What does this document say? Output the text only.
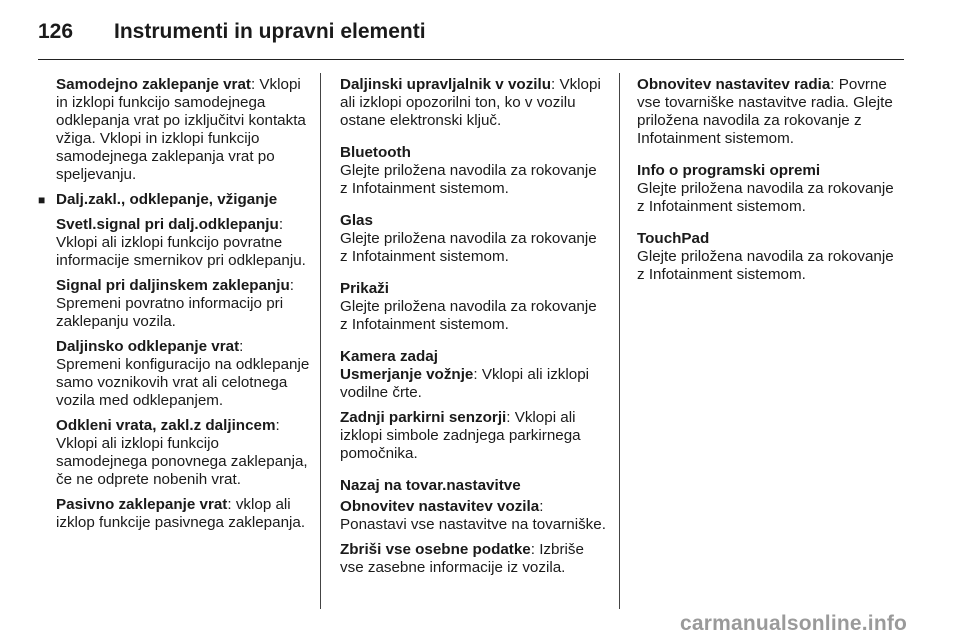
126	Instrumenti in upravni elementi

Samodejno zaklepanje vrat: Vklopi in izklopi funkcijo samodejnega odklepanja vrat po izključitvi kontakta vžiga. Vklopi in izklopi funkcijo samodejnega zaklepanja vrat po speljevanju.

■ Dalj.zakl., odklepanje, vžiganje

Svetl.signal pri dalj.odklepanju: Vklopi ali izklopi funkcijo povratne informacije smernikov pri odklepanju.

Signal pri daljinskem zaklepanju: Spremeni povratno informacijo pri zaklepanju vozila.

Daljinsko odklepanje vrat: Spremeni konfiguracijo na odklepanje samo voznikovih vrat ali celotnega vozila med odklepanjem.

Odkleni vrata, zakl.z daljincem: Vklopi ali izklopi funkcijo samodejnega ponovnega zaklepanja, če ne odprete nobenih vrat.

Pasivno zaklepanje vrat: vklop ali izklop funkcije pasivnega zaklepanja.

Daljinski upravljalnik v vozilu: Vklopi ali izklopi opozorilni ton, ko v vozilu ostane elektronski ključ.

Bluetooth

Glejte priložena navodila za rokovanje z Infotainment sistemom.

Glas

Glejte priložena navodila za rokovanje z Infotainment sistemom.

Prikaži

Glejte priložena navodila za rokovanje z Infotainment sistemom.

Kamera zadaj

Usmerjanje vožnje: Vklopi ali izklopi vodilne črte.

Zadnji parkirni senzorji: Vklopi ali izklopi simbole zadnjega parkirnega pomočnika.

Nazaj na tovar.nastavitve

Obnovitev nastavitev vozila: Ponastavi vse nastavitve na tovarniške.

Zbriši vse osebne podatke: Izbriše vse zasebne informacije iz vozila.

Obnovitev nastavitev radia: Povrne vse tovarniške nastavitve radia. Glejte priložena navodila za rokovanje z Infotainment sistemom.

Info o programski opremi

Glejte priložena navodila za rokovanje z Infotainment sistemom.

TouchPad

Glejte priložena navodila za rokovanje z Infotainment sistemom.

carmanualsonline.info
